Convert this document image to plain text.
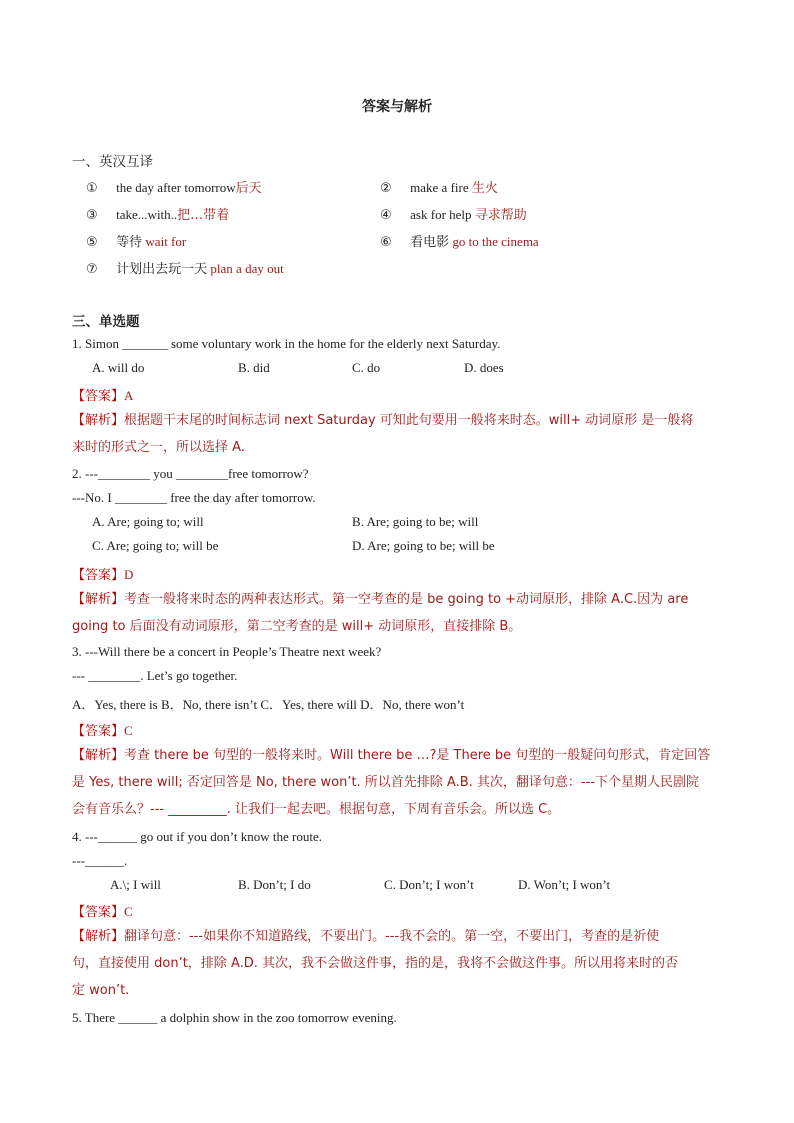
答案与解析
一、英汉互译
① the day after tomorrow后天	② make a fire 生火
③ take...with..把…带着	④ ask for help 寻求帮助
⑤ 等待 wait for	⑥ 看电影 go to the cinema
⑦ 计划出去玩一天 plan a day out
三、单选题
1. Simon _______ some voluntary work in the home for the elderly next Saturday.
A. will do	B. did	C. do	D. does
【答案】A
【解析】根据题干末尾的时间标志词 next Saturday 可知此句要用一般将来时态。will+ 动词原形 是一般将
来时的形式之一，所以选择 A.
2. ---________ you ________free tomorrow?
---No. I ________ free the day after tomorrow.
A. Are; going to; will	B. Are; going to be; will
C. Are; going to; will be	D. Are; going to be; will be
【答案】D
【解析】考查一般将来时态的两种表达形式。第一空考查的是 be going to +动词原形，排除 A.C.因为 are
going to 后面没有动词原形，第二空考查的是 will+ 动词原形，直接排除 B。
3. ---Will there be a concert in People’s Theatre next week?
--- ________. Let’s go together.
A．Yes, there is B．No, there isn’t C．Yes, there will D．No, there won’t
【答案】C
【解析】考查 there be 句型的一般将来时。Will there be …?是 There be 句型的一般疑问句形式，肯定回答
是 Yes, there will; 否定回答是 No, there won’t. 所以首先排除 A.B. 其次，翻译句意：---下个星期人民剧院
会有音乐么？--- _________. 让我们一起去吧。根据句意，下周有音乐会。所以选 C。
4. ---______ go out if you don’t know the route.
---______.
A.\; I will	B. Don’t; I do	C. Don’t; I won’t	D. Won’t; I won’t
【答案】C
【解析】翻译句意：---如果你不知道路线，不要出门。---我不会的。第一空，不要出门，考查的是祈使
句，直接使用 don’t，排除 A.D. 其次，我不会做这件事，指的是，我将不会做这件事。所以用将来时的否
定 won’t.
5. There ______ a dolphin show in the zoo tomorrow evening.
